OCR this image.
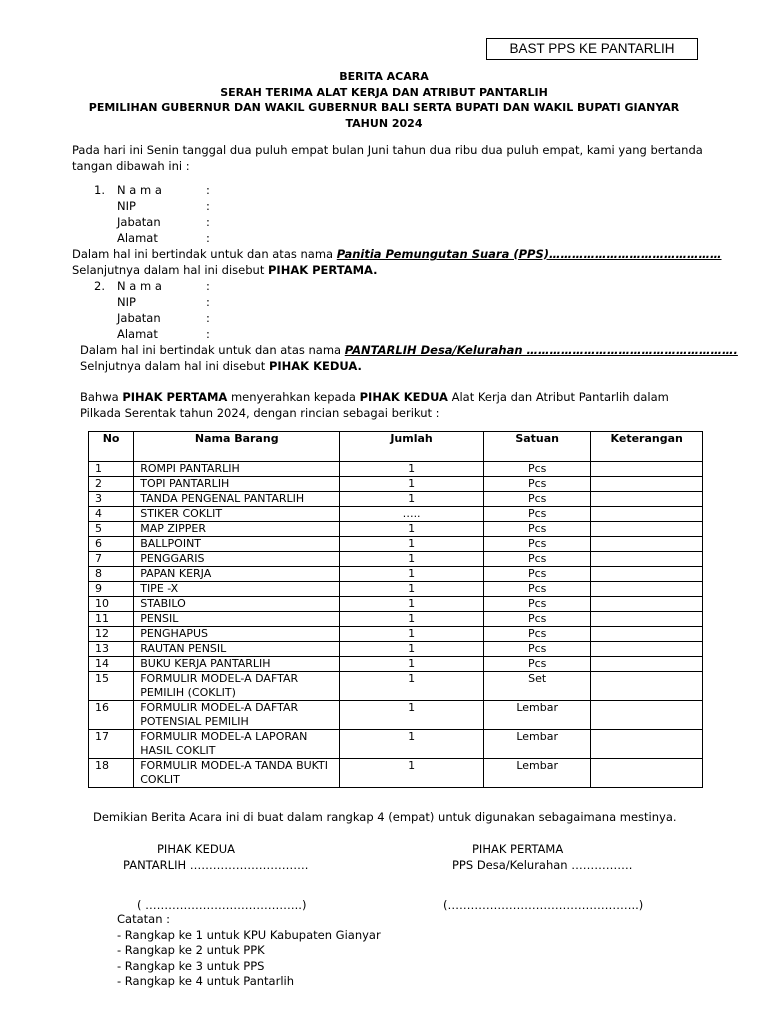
BAST PPS KE PANTARLIH
BERITA ACARA
SERAH TERIMA ALAT KERJA DAN ATRIBUT PANTARLIH
PEMILIHAN GUBERNUR DAN WAKIL GUBERNUR BALI SERTA BUPATI DAN WAKIL BUPATI GIANYAR
TAHUN 2024
Pada hari ini Senin tanggal dua puluh empat bulan Juni tahun dua ribu dua puluh empat, kami yang bertanda tangan dibawah ini :
1. N a m a	:
NIP	:
Jabatan	:
Alamat	:
Dalam hal ini bertindak untuk dan atas nama Panitia Pemungutan Suara (PPS)………………………………………
Selanjutnya dalam hal ini disebut PIHAK PERTAMA.
2. N a m a	:
NIP	:
Jabatan	:
Alamat	:
Dalam hal ini bertindak untuk dan atas nama PANTARLIH Desa/Kelurahan ……………………………………………….
Selnjutnya dalam hal ini disebut PIHAK KEDUA.
Bahwa PIHAK PERTAMA menyerahkan kepada PIHAK KEDUA Alat Kerja dan Atribut Pantarlih dalam Pilkada Serentak tahun 2024, dengan rincian sebagai berikut :
No	Nama Barang	Jumlah	Satuan	Keterangan
1	ROMPI PANTARLIH	1	Pcs	
2	TOPI PANTARLIH	1	Pcs	
3	TANDA PENGENAL PANTARLIH	1	Pcs	
4	STIKER COKLIT	…..	Pcs	
5	MAP ZIPPER	1	Pcs	
6	BALLPOINT	1	Pcs	
7	PENGGARIS	1	Pcs	
8	PAPAN KERJA	1	Pcs	
9	TIPE -X	1	Pcs	
10	STABILO	1	Pcs	
11	PENSIL	1	Pcs	
12	PENGHAPUS	1	Pcs	
13	RAUTAN PENSIL	1	Pcs	
14	BUKU KERJA PANTARLIH	1	Pcs	
15	FORMULIR MODEL-A DAFTAR PEMILIH (COKLIT)	1	Set	
16	FORMULIR MODEL-A DAFTAR POTENSIAL PEMILIH	1	Lembar	
17	FORMULIR MODEL-A LAPORAN HASIL COKLIT	1	Lembar	
18	FORMULIR MODEL-A TANDA BUKTI COKLIT	1	Lembar	
Demikian Berita Acara ini di buat dalam rangkap 4 (empat) untuk digunakan sebagaimana mestinya.
PIHAK KEDUA
PANTARLIH ………………………….
PIHAK PERTAMA
PPS Desa/Kelurahan …………….
( …………………………………..)	(…………………………………………..)
Catatan :
- Rangkap ke 1 untuk KPU Kabupaten Gianyar
- Rangkap ke 2 untuk PPK
- Rangkap ke 3 untuk PPS
- Rangkap ke 4 untuk Pantarlih
